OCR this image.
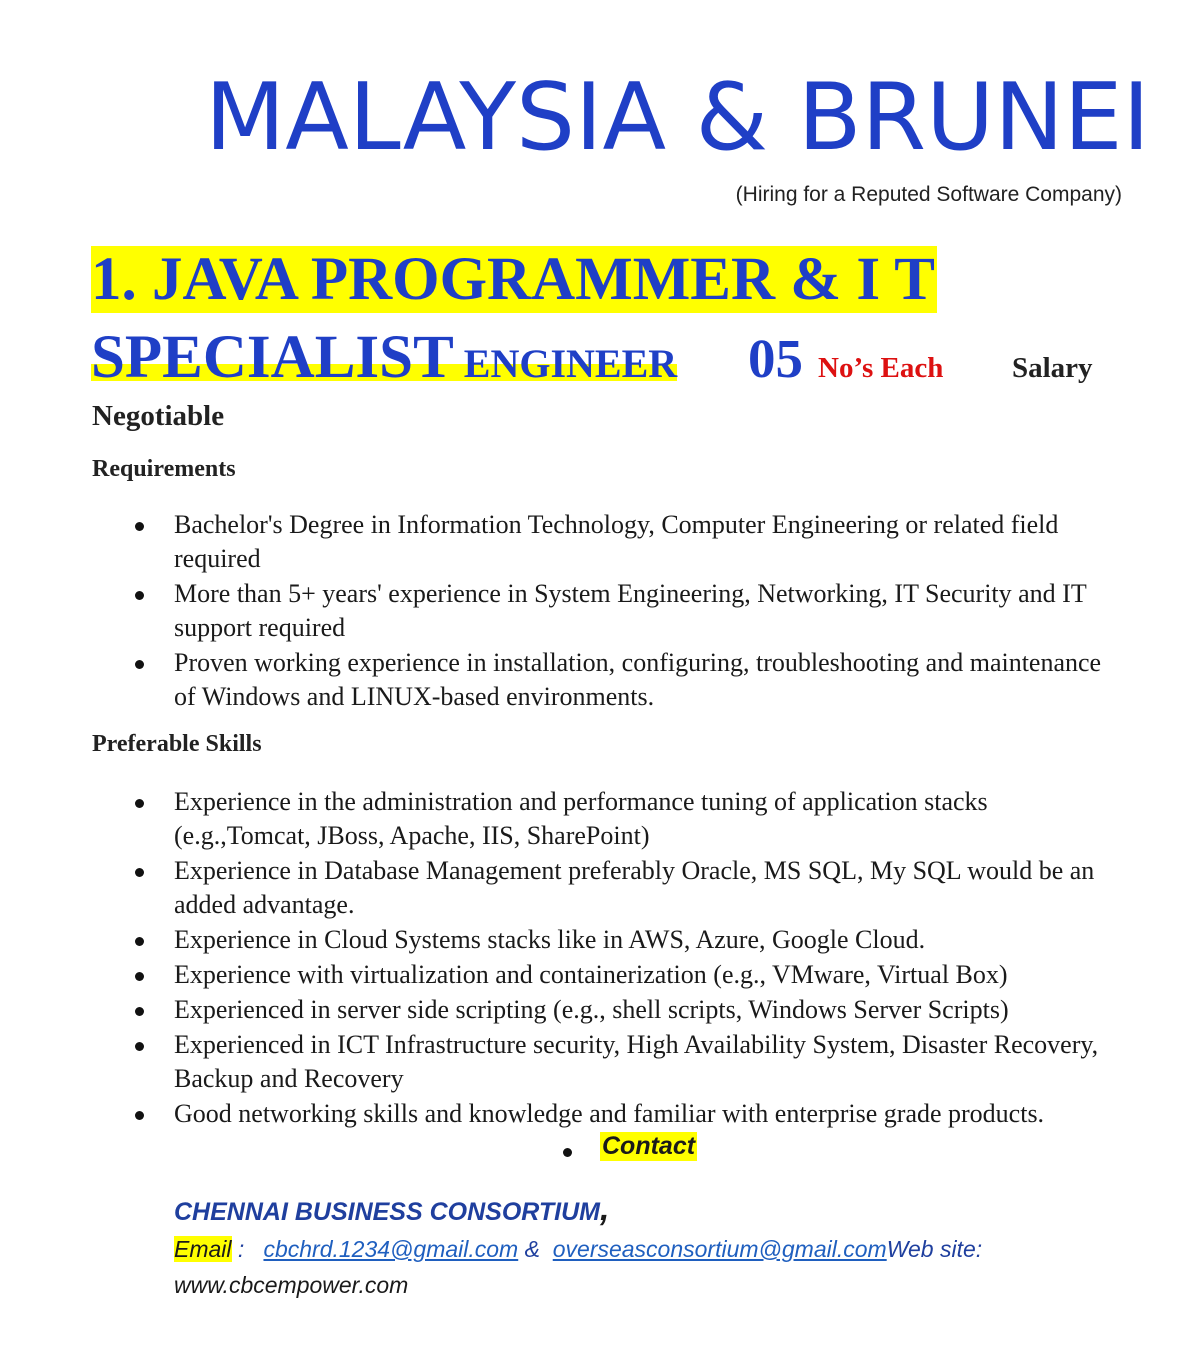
MALAYSIA & BRUNEI
(Hiring for a Reputed Software Company)
1. JAVA PROGRAMMER & I T
SPECIALIST ENGINEER 05 No’s Each Salary
Negotiable
Requirements
Bachelor's Degree in Information Technology, Computer Engineering or related field required
More than 5+ years' experience in System Engineering, Networking, IT Security and IT support required
Proven working experience in installation, configuring, troubleshooting and maintenance of Windows and LINUX-based environments.
Preferable Skills
Experience in the administration and performance tuning of application stacks (e.g.,Tomcat, JBoss, Apache, IIS, SharePoint)
Experience in Database Management preferably Oracle, MS SQL, My SQL would be an added advantage.
Experience in Cloud Systems stacks like in AWS, Azure, Google Cloud.
Experience with virtualization and containerization (e.g., VMware, Virtual Box)
Experienced in server side scripting (e.g., shell scripts, Windows Server Scripts)
Experienced in ICT Infrastructure security, High Availability System, Disaster Recovery, Backup and Recovery
Good networking skills and knowledge and familiar with enterprise grade products.
Contact
CHENNAI BUSINESS CONSORTIUM,
Email :   cbchrd.1234@gmail.com &  overseasconsortium@gmail.comWeb site:
www.cbcempower.com
